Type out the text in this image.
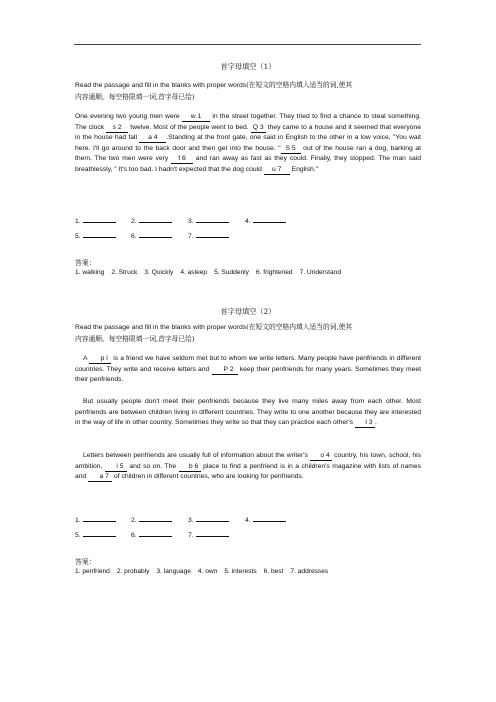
首字母填空（1）
Read the passage and fill in the blanks with proper words(在短文的空格内填入适当的词,使其
内容通顺。每空格限填一词,首字母已给)
One evening two young men were w 1 in the street together. They tried to find a chance to steal something. The clock s 2 twelve. Most of the people went to bed. Q 3 they came to a house and it seemed that everyone in the house had fall a 4 .Standing at the front gate, one said in English to the other in a low voice, "You wait here. I'll go around to the back door and then get into the house. " S 5 out of the house ran a dog, barking at them. The two men were very f 6 and ran away as fast as they could. Finally, they stopped. The man said breathlessly, " It's too bad. I hadn't expected that the dog could u 7 English."
1.	2.	3.	4.
5.	6.	7.
答案：
1. walking 2. Struck 3. Quickly 4. asleep 5. Suddenly 6. frightened 7. Understand
首字母填空（2）
Read the passage and fill in the blanks with proper words(在短文的空格内填入适当的词,使其
内容通顺。每空格限填一词,首字母已给)
A p l is a friend we have seldom met but to whom we write letters. Many people have penfriends in different countries. They write and receive letters and P 2 keep their penfriends for many years. Sometimes they meet their penfriends.
But usually people don't meet their penfriends because they live many miles away from each other. Most penfriends are between children living in different countries. They write to one another because they are interested in the way of life in other country. Sometimes they write so that they can practice each other's l 3 .
Letters between penfriends are usually full of information about the writer's o 4 country, his town, school, his ambition, i 5 and so on. The b 6 place to find a penfriend is in a children's magazine with lists of names and a 7 of children in different countries, who are looking for penfriends.
1.	2.	3.	4.
5.	6.	7.
答案：
1. penfriend 2. probably 3. language 4. own 5. interests 6. best 7. addresses
